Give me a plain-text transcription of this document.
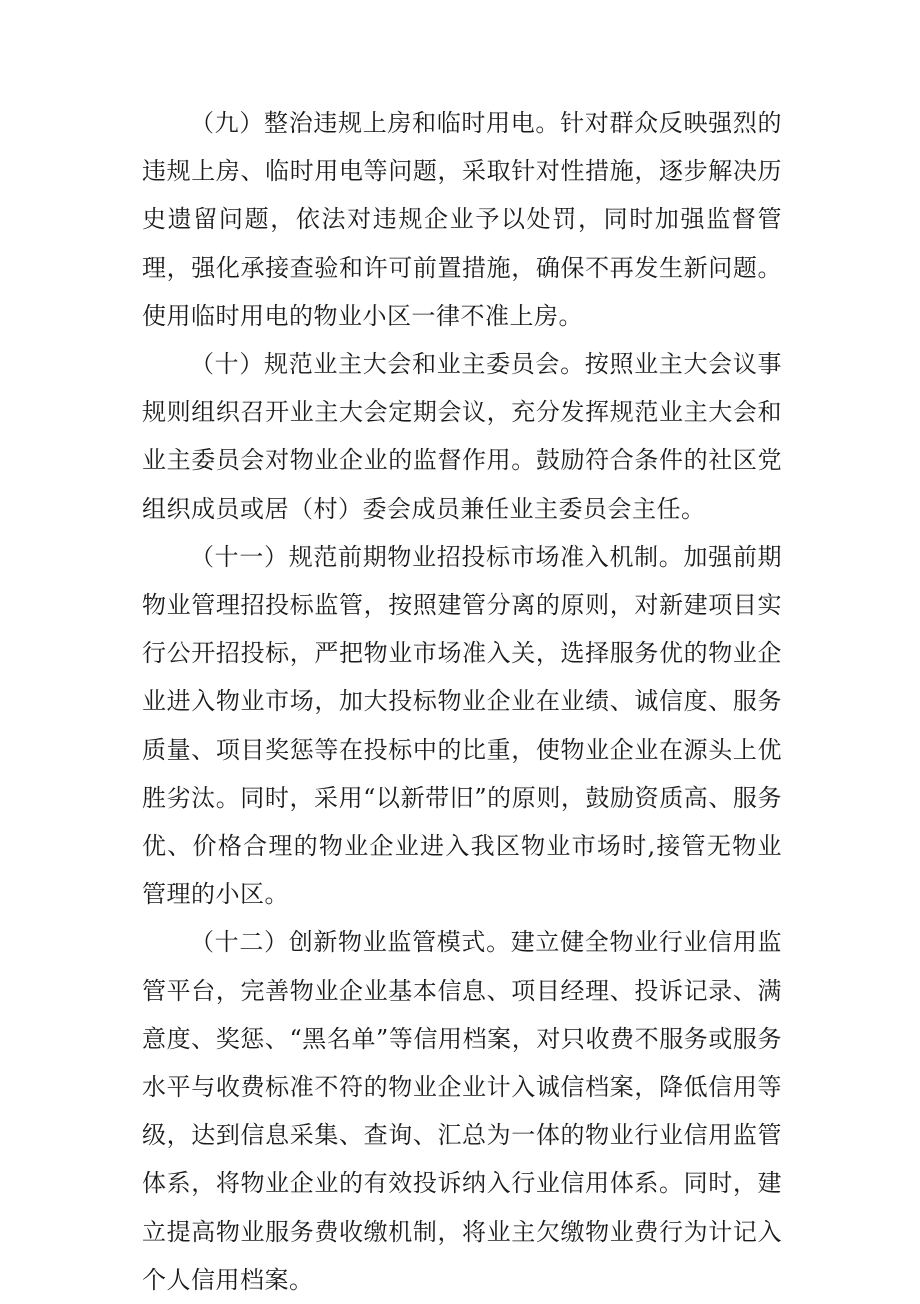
（九）整治违规上房和临时用电。针对群众反映强烈的违规上房、临时用电等问题，采取针对性措施，逐步解决历史遗留问题，依法对违规企业予以处罚，同时加强监督管理，强化承接查验和许可前置措施，确保不再发生新问题。使用临时用电的物业小区一律不准上房。

（十）规范业主大会和业主委员会。按照业主大会议事规则组织召开业主大会定期会议，充分发挥规范业主大会和业主委员会对物业企业的监督作用。鼓励符合条件的社区党组织成员或居（村）委会成员兼任业主委员会主任。

（十一）规范前期物业招投标市场准入机制。加强前期物业管理招投标监管，按照建管分离的原则，对新建项目实行公开招投标，严把物业市场准入关，选择服务优的物业企业进入物业市场，加大投标物业企业在业绩、诚信度、服务质量、项目奖惩等在投标中的比重，使物业企业在源头上优胜劣汰。同时，采用“以新带旧”的原则，鼓励资质高、服务优、价格合理的物业企业进入我区物业市场时,接管无物业管理的小区。

（十二）创新物业监管模式。建立健全物业行业信用监管平台，完善物业企业基本信息、项目经理、投诉记录、满意度、奖惩、“黑名单”等信用档案，对只收费不服务或服务水平与收费标准不符的物业企业计入诚信档案，降低信用等级，达到信息采集、查询、汇总为一体的物业行业信用监管体系，将物业企业的有效投诉纳入行业信用体系。同时，建立提高物业服务费收缴机制，将业主欠缴物业费行为计记入个人信用档案。
